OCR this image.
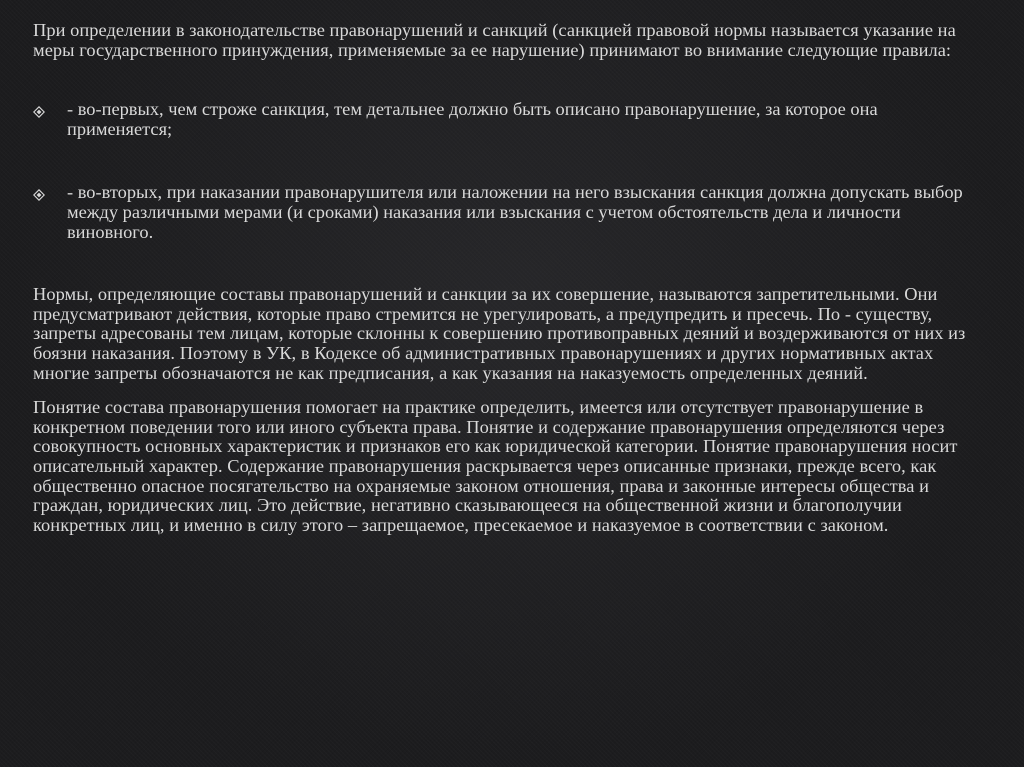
При определении в законодательстве правонарушений и санкций (санкцией правовой нормы называется указание на меры государственного принуждения, применяемые за ее нарушение) принимают во внимание следующие правила:

- во-первых, чем строже санкция, тем детальнее должно быть описано правонарушение, за которое она применяется;
- во-вторых, при наказании правонарушителя или наложении на него взыскания санкция должна допускать выбор между различными мерами (и сроками) наказания или взыскания с учетом обстоятельств дела и личности виновного.

Нормы, определяющие составы правонарушений и санкции за их совершение, называются запретительными. Они предусматривают действия, которые право стремится не урегулировать, а предупредить и пресечь. По - существу, запреты адресованы тем лицам, которые склонны к совершению противоправных деяний и воздерживаются от них из боязни наказания. Поэтому в УК, в Кодексе об административных правонарушениях и других нормативных актах многие запреты обозначаются не как предписания, а как указания на наказуемость определенных деяний.

Понятие состава правонарушения помогает на практике определить, имеется или отсутствует правонарушение в конкретном поведении того или иного субъекта права. Понятие и содержание правонарушения определяются через совокупность основных характеристик и признаков его как юридической категории. Понятие правонарушения носит описательный характер. Содержание правонарушения раскрывается через описанные признаки, прежде всего, как общественно опасное посягательство на охраняемые законом отношения, права и законные интересы общества и граждан, юридических лиц. Это действие, негативно сказывающееся на общественной жизни и благополучии конкретных лиц, и именно в силу этого – запрещаемое, пресекаемое и наказуемое в соответствии с законом.
